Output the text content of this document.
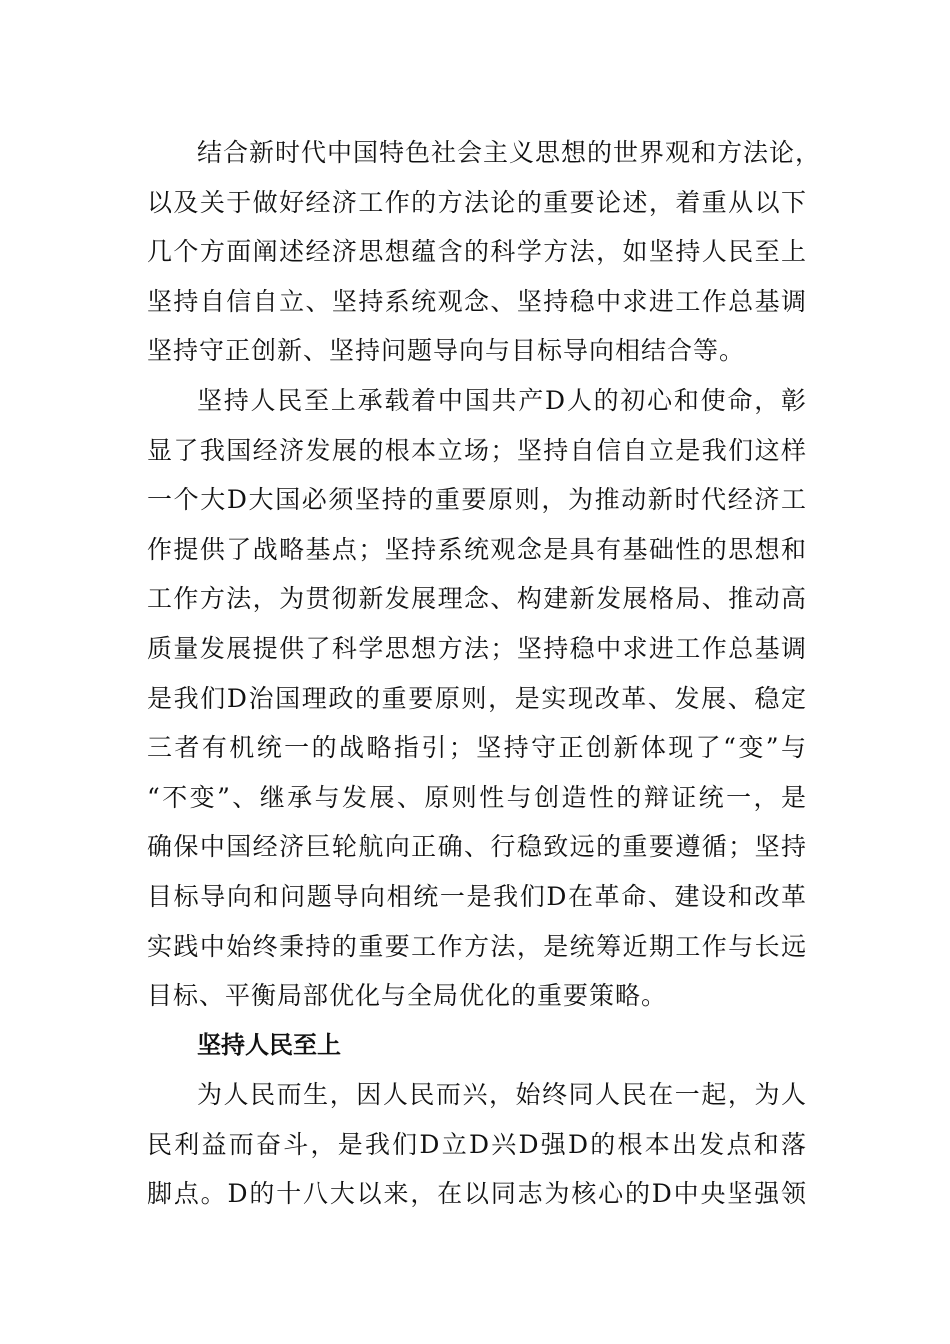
结合新时代中国特色社会主义思想的世界观和方法论，
以及关于做好经济工作的方法论的重要论述，着重从以下
几个方面阐述经济思想蕴含的科学方法，如坚持人民至上
坚持自信自立、坚持系统观念、坚持稳中求进工作总基调
坚持守正创新、坚持问题导向与目标导向相结合等。
坚持人民至上承载着中国共产D人的初心和使命，彰
显了我国经济发展的根本立场；坚持自信自立是我们这样
一个大D大国必须坚持的重要原则，为推动新时代经济工
作提供了战略基点；坚持系统观念是具有基础性的思想和
工作方法，为贯彻新发展理念、构建新发展格局、推动高
质量发展提供了科学思想方法；坚持稳中求进工作总基调
是我们D治国理政的重要原则，是实现改革、发展、稳定
三者有机统一的战略指引；坚持守正创新体现了“变”与
“不变”、继承与发展、原则性与创造性的辩证统一，是
确保中国经济巨轮航向正确、行稳致远的重要遵循；坚持
目标导向和问题导向相统一是我们D在革命、建设和改革
实践中始终秉持的重要工作方法，是统筹近期工作与长远
目标、平衡局部优化与全局优化的重要策略。
坚持人民至上
为人民而生，因人民而兴，始终同人民在一起，为人
民利益而奋斗，是我们D立D兴D强D的根本出发点和落
脚点。D的十八大以来，在以同志为核心的D中央坚强领
